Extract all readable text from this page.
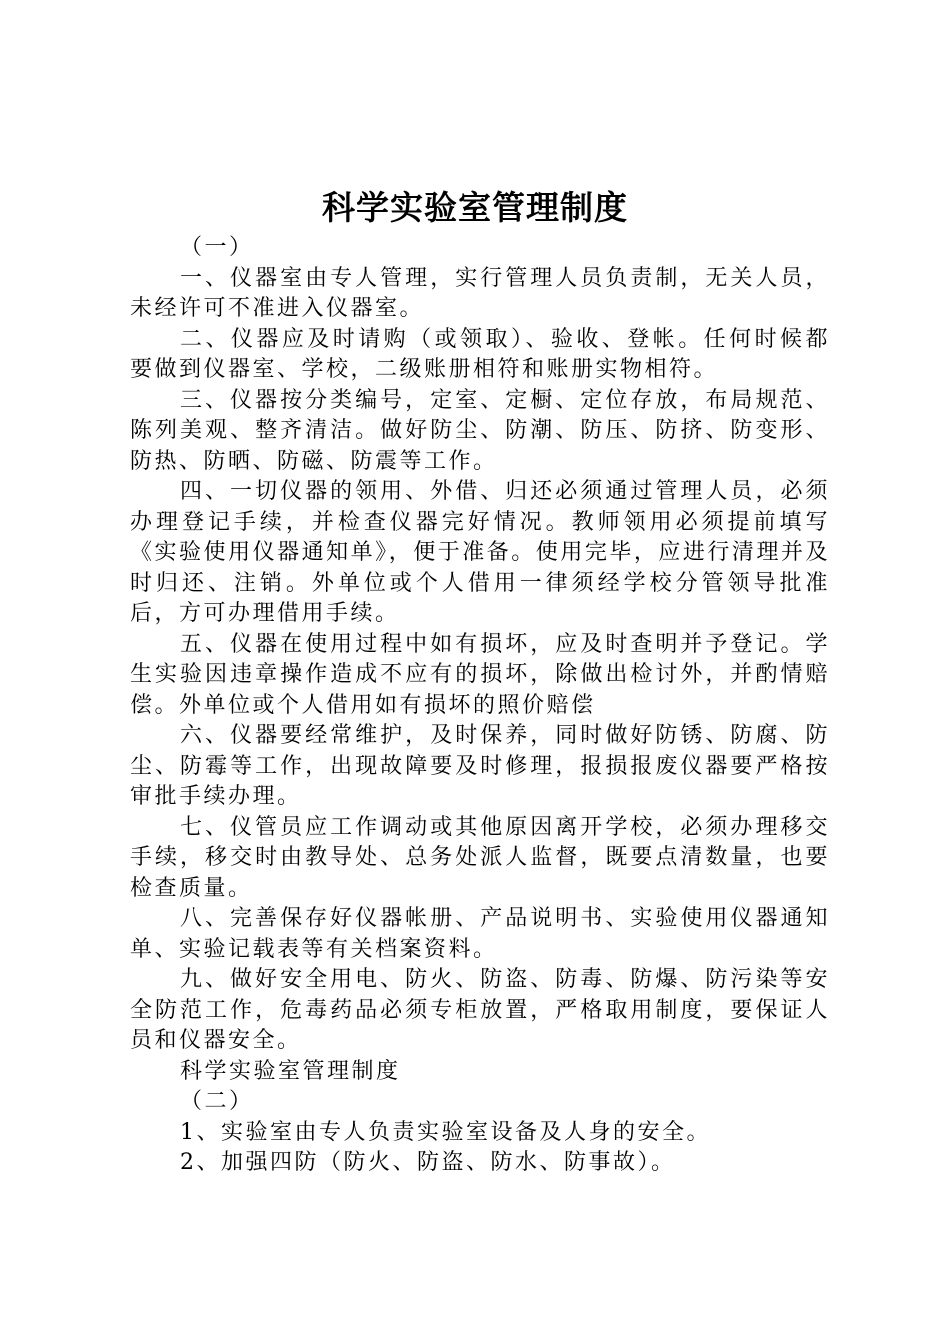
科学实验室管理制度

（一）

一、仪器室由专人管理，实行管理人员负责制，无关人员，未经许可不准进入仪器室。

二、仪器应及时请购（或领取）、验收、登帐。任何时候都要做到仪器室、学校，二级账册相符和账册实物相符。

三、仪器按分类编号，定室、定橱、定位存放，布局规范、陈列美观、整齐清洁。做好防尘、防潮、防压、防挤、防变形、防热、防晒、防磁、防震等工作。

四、一切仪器的领用、外借、归还必须通过管理人员，必须办理登记手续，并检查仪器完好情况。教师领用必须提前填写《实验使用仪器通知单》，便于准备。使用完毕，应进行清理并及时归还、注销。外单位或个人借用一律须经学校分管领导批准后，方可办理借用手续。

五、仪器在使用过程中如有损坏，应及时查明并予登记。学生实验因违章操作造成不应有的损坏，除做出检讨外，并酌情赔偿。外单位或个人借用如有损坏的照价赔偿

六、仪器要经常维护，及时保养，同时做好防锈、防腐、防尘、防霉等工作，出现故障要及时修理，报损报废仪器要严格按审批手续办理。

七、仪管员应工作调动或其他原因离开学校，必须办理移交手续，移交时由教导处、总务处派人监督，既要点清数量，也要检查质量。

八、完善保存好仪器帐册、产品说明书、实验使用仪器通知单、实验记载表等有关档案资料。

九、做好安全用电、防火、防盗、防毒、防爆、防污染等安全防范工作，危毒药品必须专柜放置，严格取用制度，要保证人员和仪器安全。

科学实验室管理制度

（二）

1、实验室由专人负责实验室设备及人身的安全。

2、加强四防（防火、防盗、防水、防事故）。
